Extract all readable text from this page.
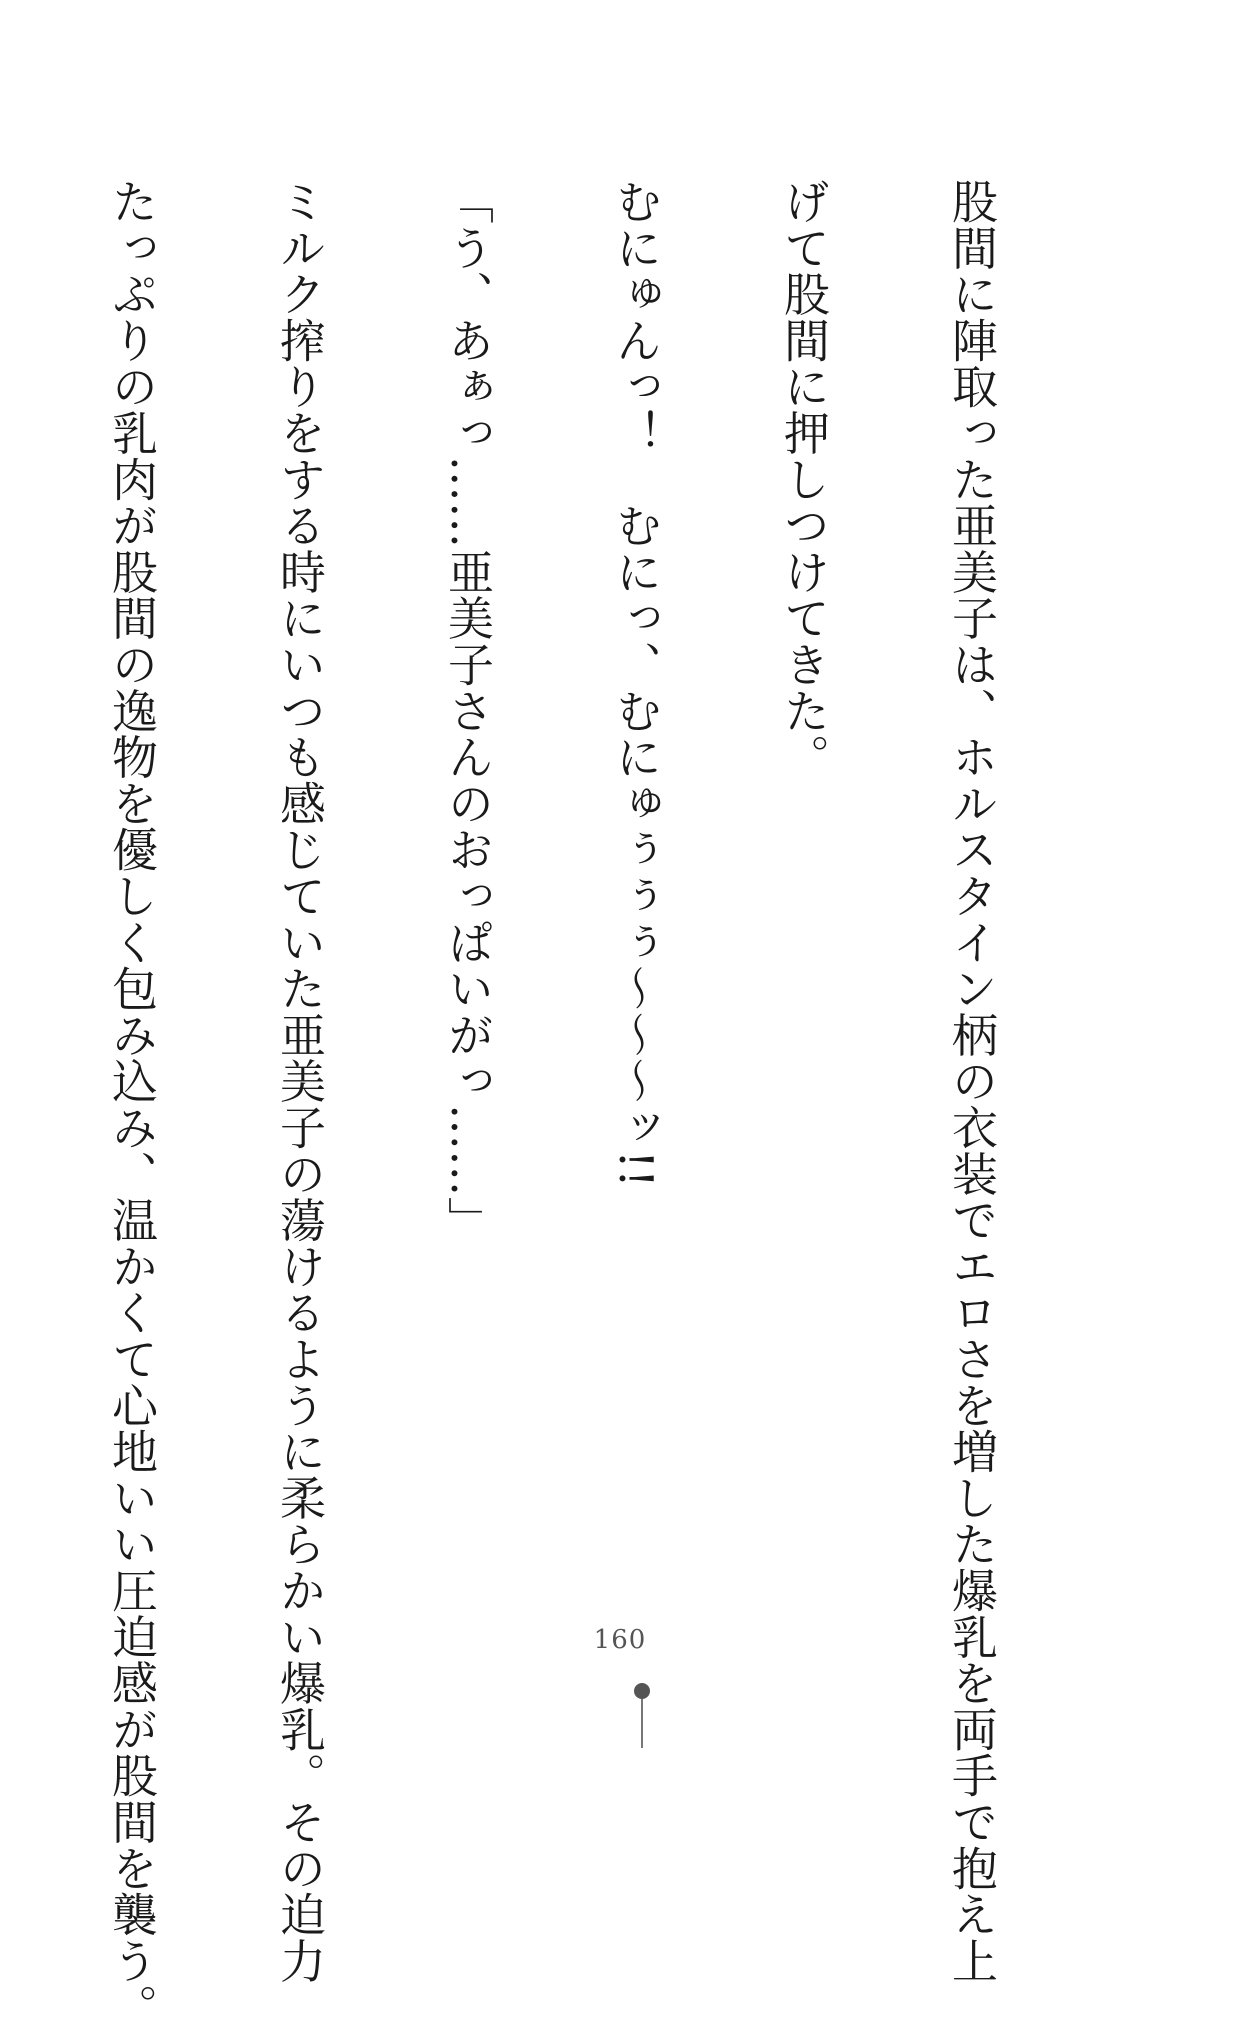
股間に陣取った亜美子は、ホルスタイン柄の衣装でエロさを増した爆乳を両手で抱え上

げて股間に押しつけてきた。

むにゅんっ！　むにっ、むにゅぅぅぅ～～～ッ!!

「う、あぁっ……亜美子さんのおっぱいがっ……」

ミルク搾りをする時にいつも感じていた亜美子の蕩けるように柔らかい爆乳。その迫力

たっぷりの乳肉が股間の逸物を優しく包み込み、温かくて心地いい圧迫感が股間を襲う。

	160
